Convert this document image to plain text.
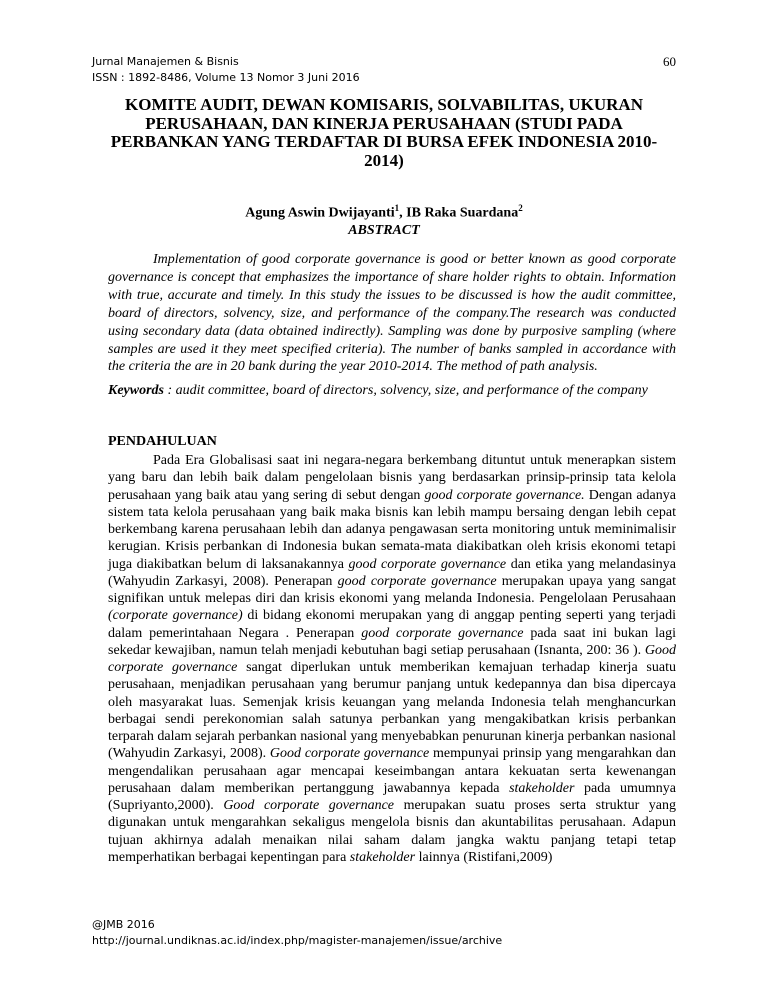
Jurnal Manajemen & Bisnis
ISSN : 1892-8486, Volume 13 Nomor 3 Juni 2016
60
KOMITE AUDIT, DEWAN KOMISARIS, SOLVABILITAS, UKURAN PERUSAHAAN, DAN KINERJA PERUSAHAAN (STUDI PADA PERBANKAN YANG TERDAFTAR DI BURSA EFEK INDONESIA 2010-2014)
Agung Aswin Dwijayanti$^1$, IB Raka Suardana$^2$
ABSTRACT
Implementation of good corporate governance is good or better known as good corporate governance is concept that emphasizes the importance of share holder rights to obtain. Information with true, accurate and timely. In this study the issues to be discussed is how the audit committee, board of directors, solvency, size, and performance of the company.The research was conducted using secondary data (data obtained indirectly). Sampling was done by purposive sampling (where samples are used it they meet specified criteria). The number of banks sampled in accordance with the criteria the are in 20 bank during the year 2010-2014. The method of path analysis.
Keywords : audit committee, board of directors, solvency, size, and performance of the company
PENDAHULUAN
Pada Era Globalisasi saat ini negara-negara berkembang dituntut untuk menerapkan sistem yang baru dan lebih baik dalam pengelolaan bisnis yang berdasarkan prinsip-prinsip tata kelola perusahaan yang baik atau yang sering di sebut dengan good corporate governance. Dengan adanya sistem tata kelola perusahaan yang baik maka bisnis kan lebih mampu bersaing dengan lebih cepat berkembang karena perusahaan lebih dan adanya pengawasan serta monitoring untuk meminimalisir kerugian. Krisis perbankan di Indonesia bukan semata-mata diakibatkan oleh krisis ekonomi tetapi juga diakibatkan belum di laksanakannya good corporate governance dan etika yang melandasinya (Wahyudin Zarkasyi, 2008). Penerapan good corporate governance merupakan upaya yang sangat signifikan untuk melepas diri dan krisis ekonomi yang melanda Indonesia. Pengelolaan Perusahaan (corporate governance) di bidang ekonomi merupakan yang di anggap penting seperti yang terjadi dalam pemerintahaan Negara . Penerapan good corporate governance pada saat ini bukan lagi sekedar kewajiban, namun telah menjadi kebutuhan bagi setiap perusahaan (Isnanta, 200: 36 ). Good corporate governance sangat diperlukan untuk memberikan kemajuan terhadap kinerja suatu perusahaan, menjadikan perusahaan yang berumur panjang untuk kedepannya dan bisa dipercaya oleh masyarakat luas. Semenjak krisis keuangan yang melanda Indonesia telah menghancurkan berbagai sendi perekonomian salah satunya perbankan yang mengakibatkan krisis perbankan terparah dalam sejarah perbankan nasional yang menyebabkan penurunan kinerja perbankan nasional (Wahyudin Zarkasyi, 2008). Good corporate governance mempunyai prinsip yang mengarahkan dan mengendalikan perusahaan agar mencapai keseimbangan antara kekuatan serta kewenangan perusahaan dalam memberikan pertanggung jawabannya kepada stakeholder pada umumnya (Supriyanto,2000). Good corporate governance merupakan suatu proses serta struktur yang digunakan untuk mengarahkan sekaligus mengelola bisnis dan akuntabilitas perusahaan. Adapun tujuan akhirnya adalah menaikan nilai saham dalam jangka waktu panjang tetapi tetap memperhatikan berbagai kepentingan para stakeholder lainnya (Ristifani,2009)
@JMB 2016
http://journal.undiknas.ac.id/index.php/magister-manajemen/issue/archive
